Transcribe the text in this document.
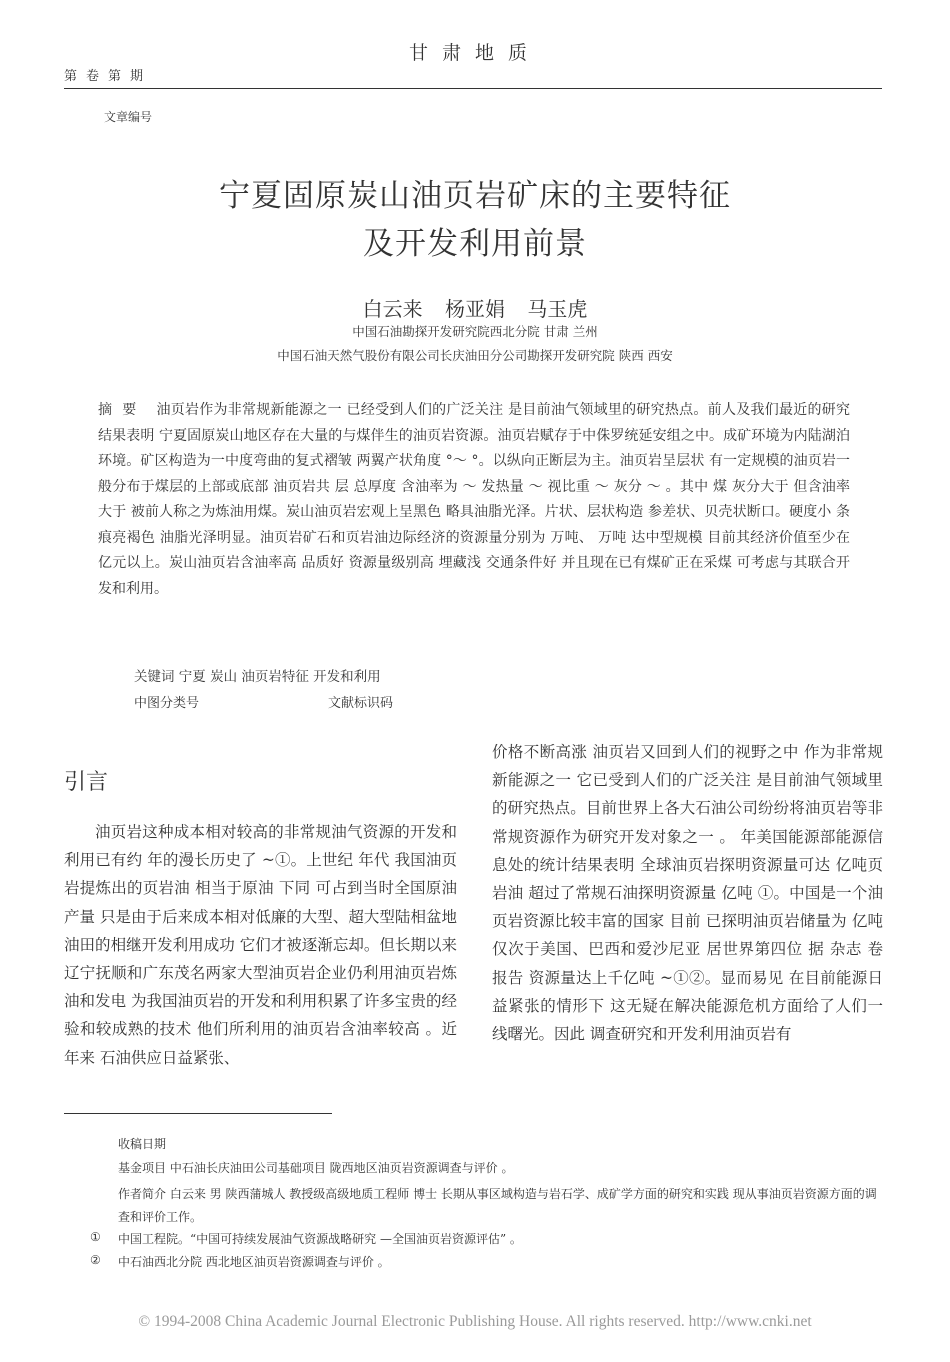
甘肃地质
第卷第期
文章编号
宁夏固原炭山油页岩矿床的主要特征
及开发利用前景
白云来 杨亚娟 马玉虎
中国石油勘探开发研究院西北分院 甘肃 兰州
中国石油天然气股份有限公司长庆油田分公司勘探开发研究院 陕西 西安
摘要 油页岩作为非常规新能源之一 已经受到人们的广泛关注 是目前油气领域里的研究热点。前人及我们最近的研究结果表明 宁夏固原炭山地区存在大量的与煤伴生的油页岩资源。油页岩赋存于中侏罗统延安组之中。成矿环境为内陆湖泊环境。矿区构造为一中度弯曲的复式褶皱 两翼产状角度 °～ °。以纵向正断层为主。油页岩呈层状 有一定规模的油页岩一般分布于煤层的上部或底部 油页岩共 层 总厚度 含油率为 ～ 发热量 ～ 视比重 ～ 灰分 ～ 。其中 煤 灰分大于 但含油率大于 被前人称之为炼油用煤。炭山油页岩宏观上呈黑色 略具油脂光泽。片状、层状构造 参差状、贝壳状断口。硬度小 条痕亮褐色 油脂光泽明显。油页岩矿石和页岩油边际经济的资源量分别为 万吨、 万吨 达中型规模 目前其经济价值至少在 亿元以上。炭山油页岩含油率高 品质好 资源量级别高 埋藏浅 交通条件好 并且现在已有煤矿正在采煤 可考虑与其联合开发和利用。
关键词 宁夏 炭山 油页岩特征 开发和利用
中图分类号	文献标识码
引言
油页岩这种成本相对较高的非常规油气资源的开发和利用已有约 年的漫长历史了 ~①。上世纪 年代 我国油页岩提炼出的页岩油 相当于原油 下同 可占到当时全国原油产量 只是由于后来成本相对低廉的大型、超大型陆相盆地油田的相继开发利用成功 它们才被逐渐忘却。但长期以来辽宁抚顺和广东茂名两家大型油页岩企业仍利用油页岩炼油和发电 为我国油页岩的开发和利用积累了许多宝贵的经验和较成熟的技术 他们所利用的油页岩含油率较高 。近年来 石油供应日益紧张、
价格不断高涨 油页岩又回到人们的视野之中 作为非常规新能源之一 它已受到人们的广泛关注 是目前油气领域里的研究热点。目前世界上各大石油公司纷纷将油页岩等非常规资源作为研究开发对象之一 。 年美国能源部能源信息处的统计结果表明 全球油页岩探明资源量可达 亿吨页岩油 超过了常规石油探明资源量 亿吨 ①。中国是一个油页岩资源比较丰富的国家 目前 已探明油页岩储量为 亿吨 仅次于美国、巴西和爱沙尼亚 居世界第四位 据 杂志 卷报告 资源量达上千亿吨 ~①②。显而易见 在目前能源日益紧张的情形下 这无疑在解决能源危机方面给了人们一线曙光。因此 调查研究和开发利用油页岩有
收稿日期
基金项目 中石油长庆油田公司基础项目 陇西地区油页岩资源调查与评价 。
作者简介 白云来 男 陕西蒲城人 教授级高级地质工程师 博士 长期从事区域构造与岩石学、成矿学方面的研究和实践 现从事油页岩资源方面的调查和评价工作。
① 中国工程院。“中国可持续发展油气资源战略研究 —全国油页岩资源评估” 。
② 中石油西北分院 西北地区油页岩资源调查与评价 。
© 1994-2008 China Academic Journal Electronic Publishing House. All rights reserved. http://www.cnki.net
